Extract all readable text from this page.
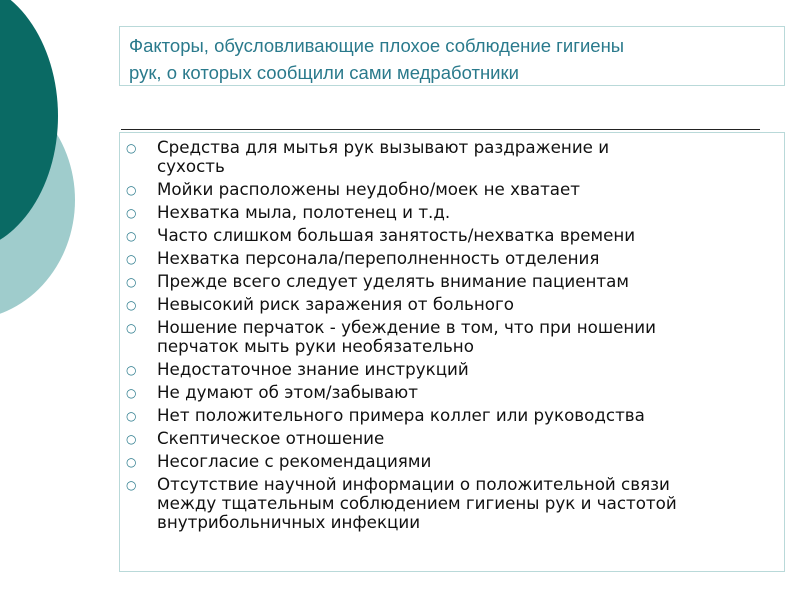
Факторы, обусловливающие плохое соблюдение гигиены
рук, о которых сообщили сами медработники
○ Средства для мытья рук вызывают раздражение и
сухость
○ Мойки расположены неудобно/моек не хватает
○ Нехватка мыла, полотенец и т.д.
○ Часто слишком большая занятость/нехватка времени
○ Нехватка персонала/переполненность отделения
○ Прежде всего следует уделять внимание пациентам
○ Невысокий риск заражения от больного
○ Ношение перчаток - убеждение в том, что при ношении
перчаток мыть руки необязательно
○ Недостаточное знание инструкций
○ Не думают об этом/забывают
○ Нет положительного примера коллег или руководства
○ Скептическое отношение
○ Несогласие с рекомендациями
○ Отсутствие научной информации о положительной связи
между тщательным соблюдением гигиены рук и частотой
внутрибольничных инфекции
